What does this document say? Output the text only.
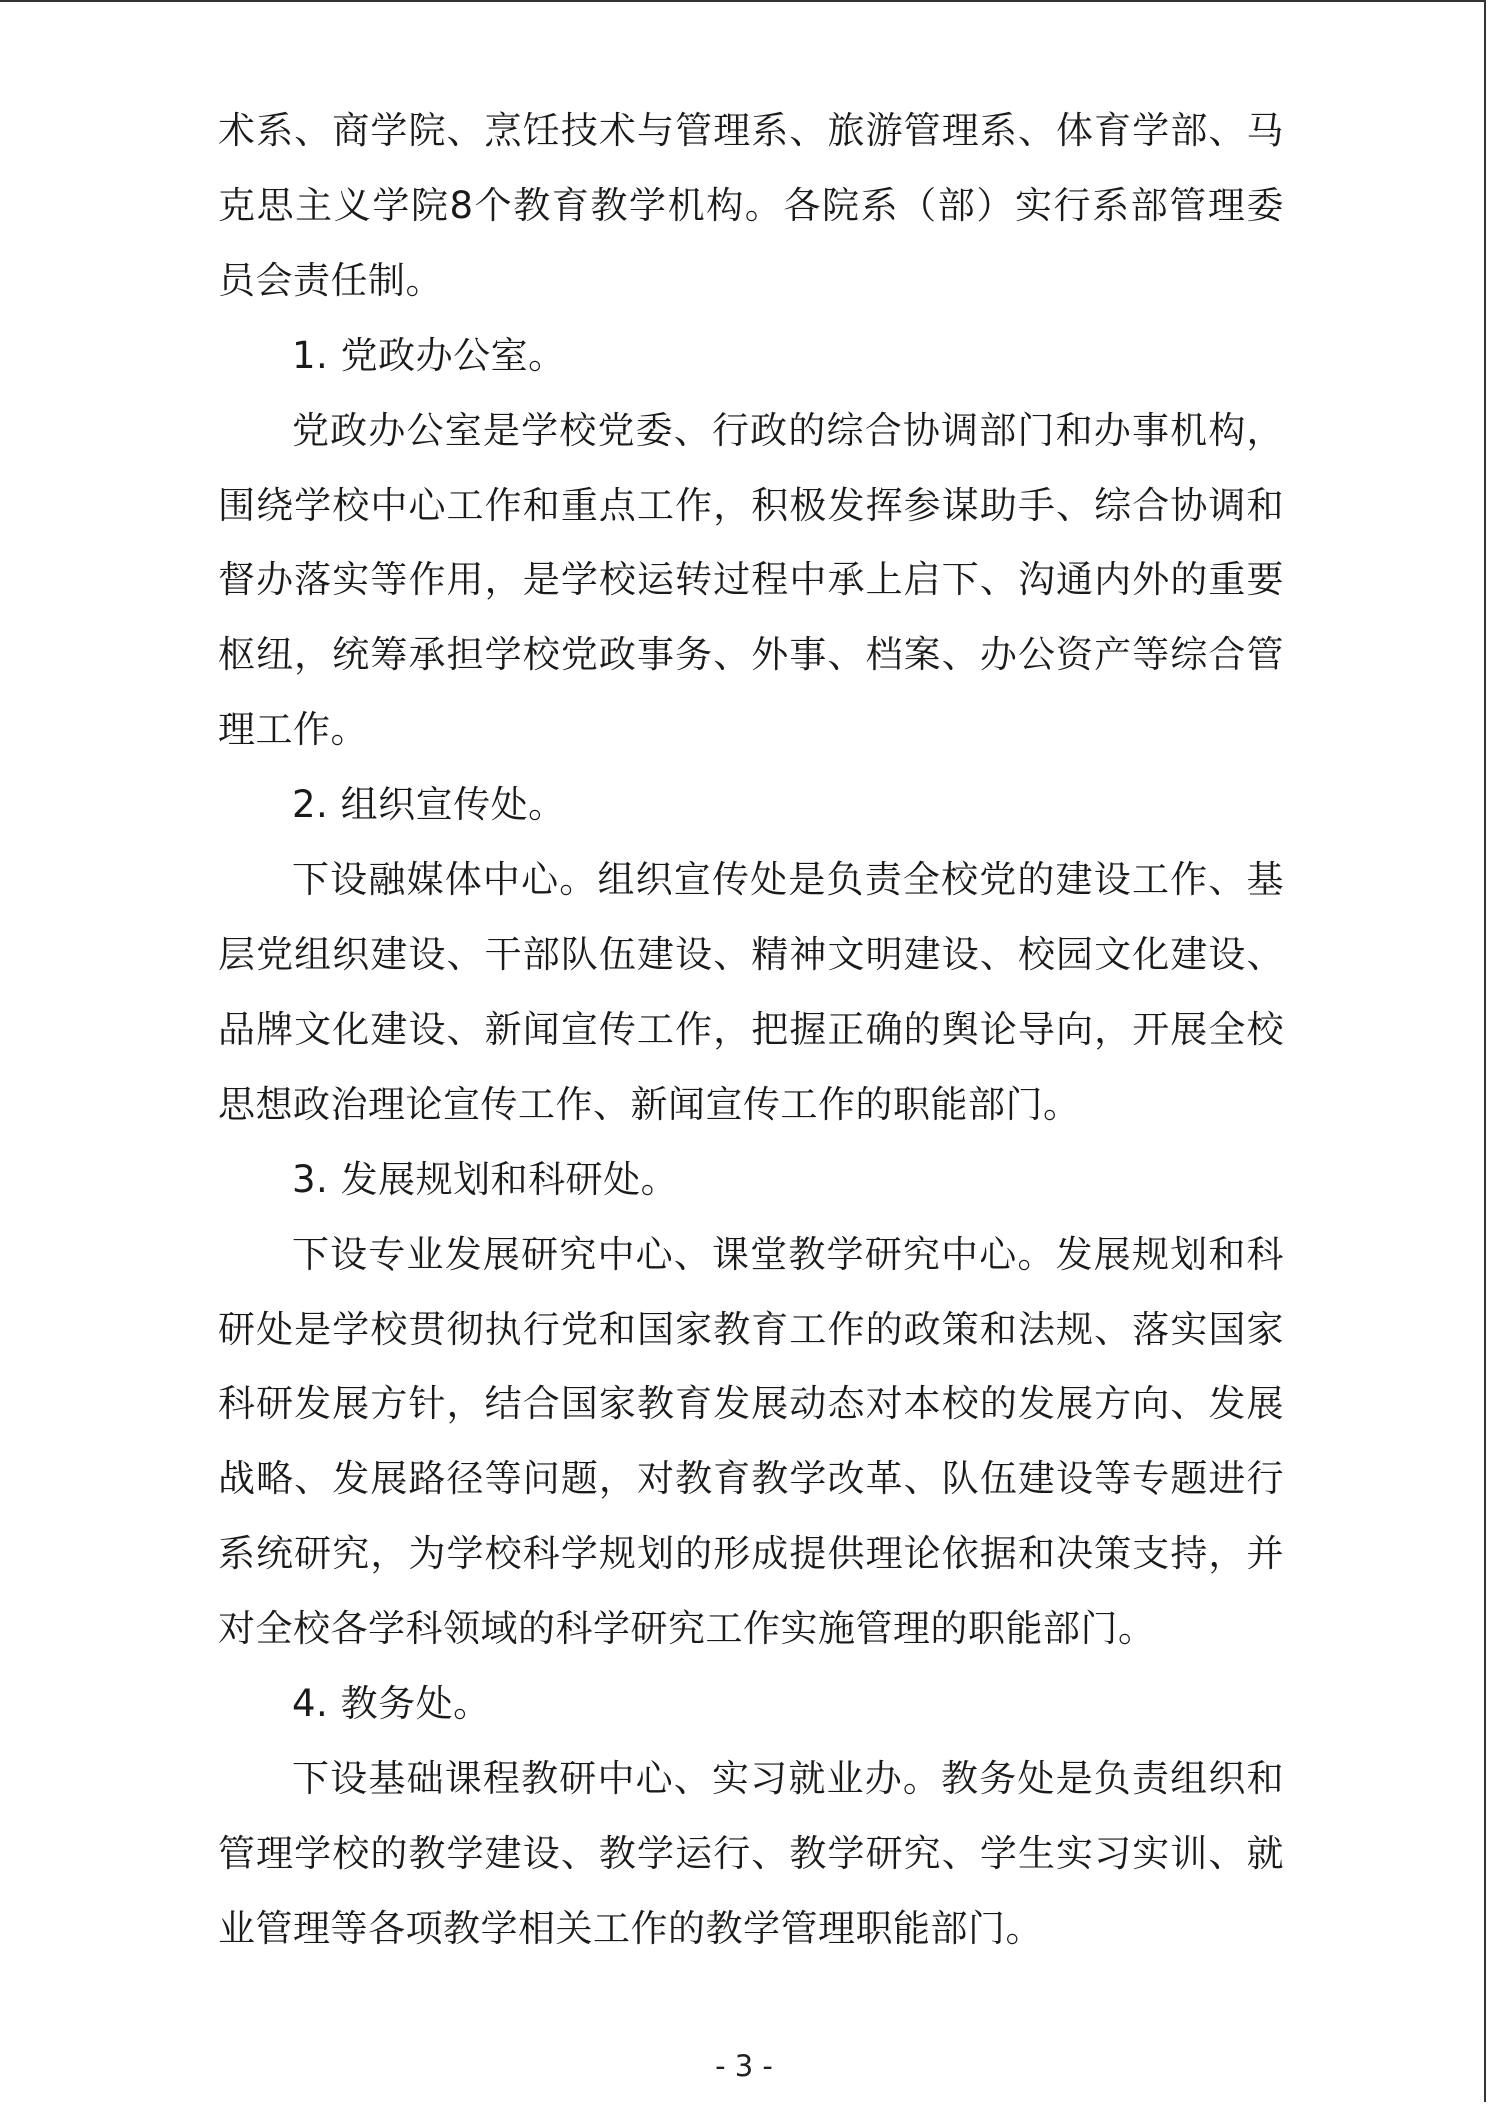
术系、商学院、烹饪技术与管理系、旅游管理系、体育学部、马克思主义学院8个教育教学机构。各院系（部）实行系部管理委员会责任制。

1. 党政办公室。

党政办公室是学校党委、行政的综合协调部门和办事机构，围绕学校中心工作和重点工作，积极发挥参谋助手、综合协调和督办落实等作用，是学校运转过程中承上启下、沟通内外的重要枢纽，统筹承担学校党政事务、外事、档案、办公资产等综合管理工作。

2. 组织宣传处。

下设融媒体中心。组织宣传处是负责全校党的建设工作、基层党组织建设、干部队伍建设、精神文明建设、校园文化建设、品牌文化建设、新闻宣传工作，把握正确的舆论导向，开展全校思想政治理论宣传工作、新闻宣传工作的职能部门。

3. 发展规划和科研处。

下设专业发展研究中心、课堂教学研究中心。发展规划和科研处是学校贯彻执行党和国家教育工作的政策和法规、落实国家科研发展方针，结合国家教育发展动态对本校的发展方向、发展战略、发展路径等问题，对教育教学改革、队伍建设等专题进行系统研究，为学校科学规划的形成提供理论依据和决策支持，并对全校各学科领域的科学研究工作实施管理的职能部门。

4. 教务处。

下设基础课程教研中心、实习就业办。教务处是负责组织和管理学校的教学建设、教学运行、教学研究、学生实习实训、就业管理等各项教学相关工作的教学管理职能部门。

- 3 -
